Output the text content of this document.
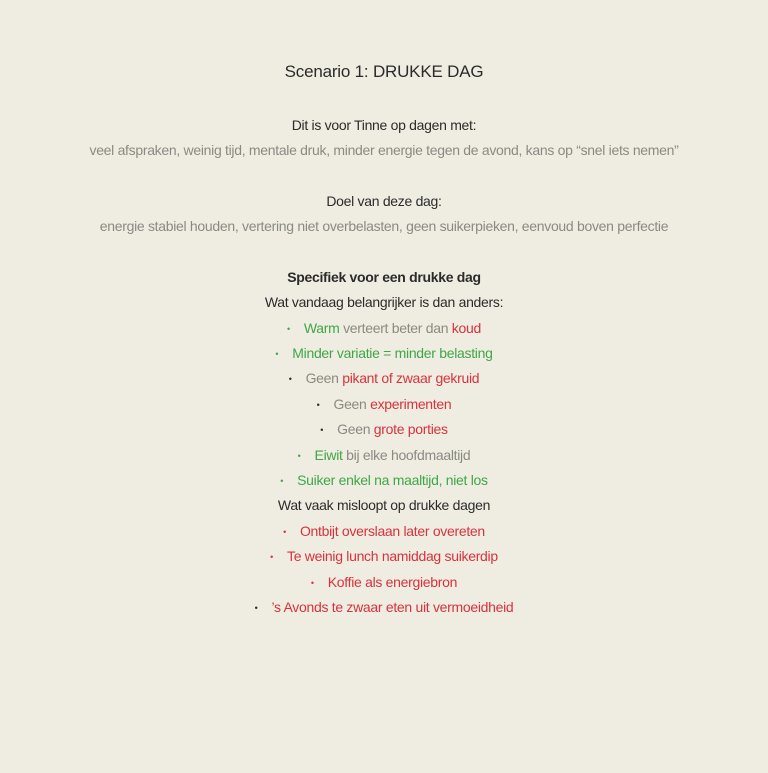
Scenario 1: DRUKKE DAG
Dit is voor Tinne op dagen met:
veel afspraken, weinig tijd, mentale druk, minder energie tegen de avond, kans op “snel iets nemen”
Doel van deze dag:
energie stabiel houden, vertering niet overbelasten, geen suikerpieken, eenvoud boven perfectie
Specifiek voor een drukke dag
Wat vandaag belangrijker is dan anders:
• Warm verteert beter dan koud
• Minder variatie = minder belasting
• Geen pikant of zwaar gekruid
• Geen experimenten
• Geen grote porties
• Eiwit bij elke hoofdmaaltijd
• Suiker enkel na maaltijd, niet los
Wat vaak misloopt op drukke dagen
• Ontbijt overslaan later overeten
• Te weinig lunch namiddag suikerdip
• Koffie als energiebron
• ’s Avonds te zwaar eten uit vermoeidheid
